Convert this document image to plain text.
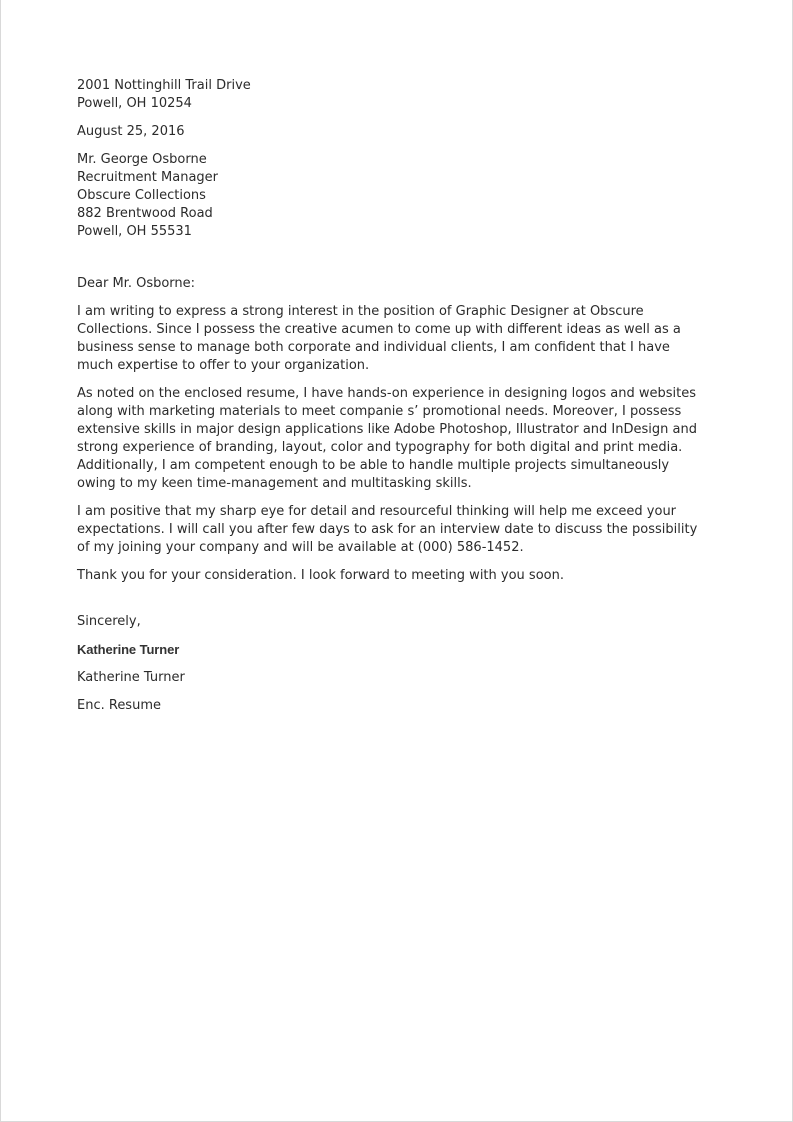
2001 Nottinghill Trail Drive
Powell, OH 10254
August 25, 2016
Mr. George Osborne
Recruitment Manager
Obscure Collections
882 Brentwood Road
Powell, OH 55531
Dear Mr. Osborne:
I am writing to express a strong interest in the position of Graphic Designer at Obscure
Collections. Since I possess the creative acumen to come up with different ideas as well as a
business sense to manage both corporate and individual clients, I am confident that I have
much expertise to offer to your organization.
As noted on the enclosed resume, I have hands-on experience in designing logos and websites
along with marketing materials to meet companie s’ promotional needs. Moreover, I possess
extensive skills in major design applications like Adobe Photoshop, Illustrator and InDesign and
strong experience of branding, layout, color and typography for both digital and print media.
Additionally, I am competent enough to be able to handle multiple projects simultaneously
owing to my keen time-management and multitasking skills.
I am positive that my sharp eye for detail and resourceful thinking will help me exceed your
expectations. I will call you after few days to ask for an interview date to discuss the possibility
of my joining your company and will be available at (000) 586-1452.
Thank you for your consideration. I look forward to meeting with you soon.
Sincerely,
Katherine Turner
Katherine Turner
Enc. Resume
